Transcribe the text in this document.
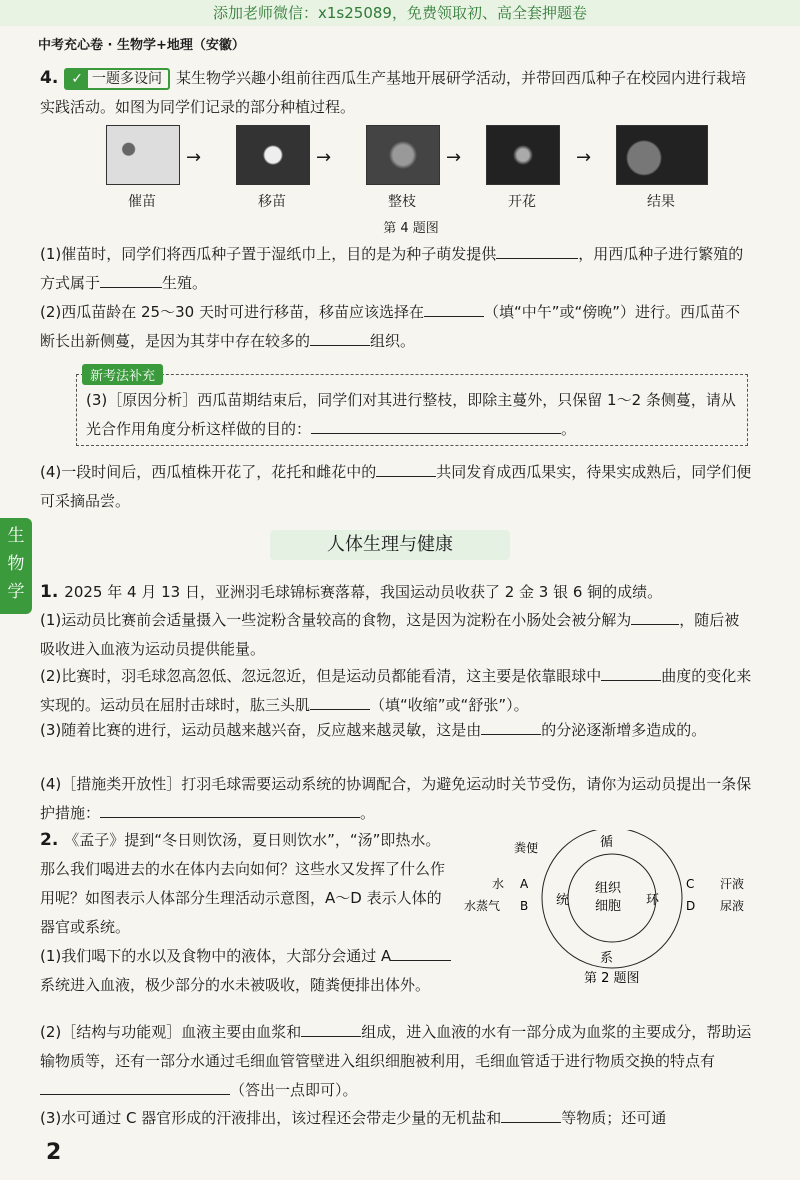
添加老师微信：x1s25089，免费领取初、高全套押题卷
中考充心卷 · 生物学+地理（安徽）
生
物
学
4. ✓ 一题多设问 某生物学兴趣小组前往西瓜生产基地开展研学活动，并带回西瓜种子在校园内进行栽培实践活动。如图为同学们记录的部分种植过程。
→	→	→	→
催苗	移苗	整枝	开花	结果
第 4 题图
(1)催苗时，同学们将西瓜种子置于湿纸巾上，目的是为种子萌发提供	，用西瓜种子进行繁殖的方式属于	生殖。
(2)西瓜苗龄在 25～30 天时可进行移苗，移苗应该选择在	（填“中午”或“傍晚”）进行。西瓜苗不断长出新侧蔓，是因为其芽中存在较多的	组织。
新考法补充
(3)［原因分析］西瓜苗期结束后，同学们对其进行整枝，即除主蔓外，只保留 1～2 条侧蔓，请从光合作用角度分析这样做的目的：	。
(4)一段时间后，西瓜植株开花了，花托和雌花中的	共同发育成西瓜果实，待果实成熟后，同学们便可采摘品尝。
人体生理与健康
1. 2025 年 4 月 13 日，亚洲羽毛球锦标赛落幕，我国运动员收获了 2 金 3 银 6 铜的成绩。
(1)运动员比赛前会适量摄入一些淀粉含量较高的食物，这是因为淀粉在小肠处会被分解为	，随后被吸收进入血液为运动员提供能量。
(2)比赛时，羽毛球忽高忽低、忽远忽近，但是运动员都能看清，这主要是依靠眼球中	曲度的变化来实现的。运动员在屈肘击球时，肱三头肌	（填“收缩”或“舒张”）。
(3)随着比赛的进行，运动员越来越兴奋，反应越来越灵敏，这是由	的分泌逐渐增多造成的。
(4)［措施类开放性］打羽毛球需要运动系统的协调配合，为避免运动时关节受伤，请你为运动员提出一条保护措施：	。
2. 《孟子》提到“冬日则饮汤，夏日则饮水”，“汤”即热水。那么我们喝进去的水在体内去向如何？这些水又发挥了什么作用呢？如图表示人体部分生理活动示意图，A～D 表示人体的器官或系统。
(1)我们喝下的水以及食物中的液体，大部分会通过 A系统进入血液，极少部分的水未被吸收，随粪便排出体外。
循
环
系
统
组织
细胞
粪便
水 A
水蒸气 B
C 汗液
D 尿液
第 2 题图
(2)［结构与功能观］血液主要由血浆和	组成，进入血液的水有一部分成为血浆的主要成分，帮助运输物质等，还有一部分水通过毛细血管管壁进入组织细胞被利用，毛细血管适于进行物质交换的特点有（答出一点即可）。
(3)水可通过 C 器官形成的汗液排出，该过程还会带走少量的无机盐和	等物质；还可通
2
